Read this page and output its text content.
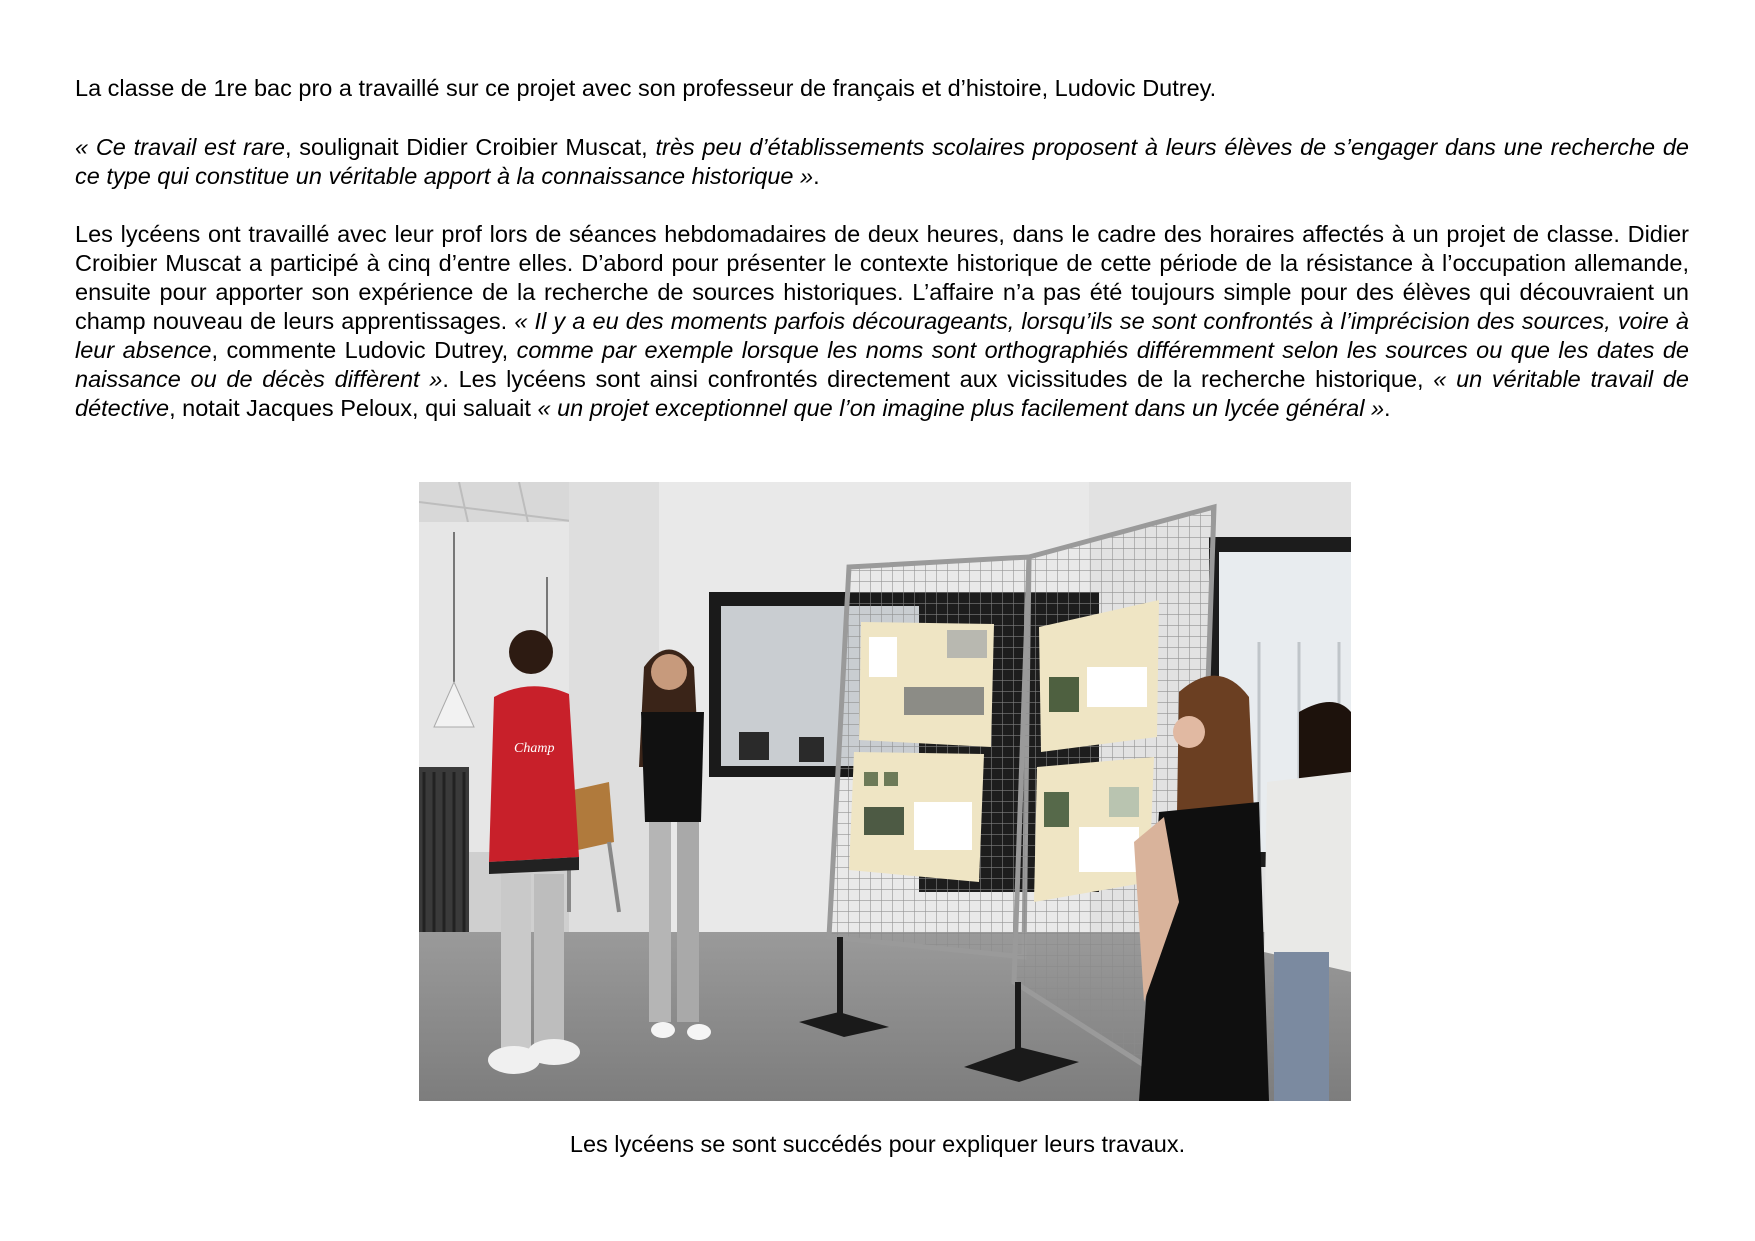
La classe de 1re bac pro a travaillé sur ce projet avec son professeur de français et d’histoire, Ludovic Dutrey.

« Ce travail est rare, soulignait Didier Croibier Muscat, très peu d’établissements scolaires proposent à leurs élèves de s’engager dans une recherche de ce type qui constitue un véritable apport à la connaissance historique ».

Les lycéens ont travaillé avec leur prof lors de séances hebdomadaires de deux heures, dans le cadre des horaires affectés à un projet de classe. Didier Croibier Muscat a participé à cinq d’entre elles. D’abord pour présenter le contexte historique de cette période de la résistance à l’occupation allemande, ensuite pour apporter son expérience de la recherche de sources historiques. L’affaire n’a pas été toujours simple pour des élèves qui découvraient un champ nouveau de leurs apprentissages. « Il y a eu des moments parfois décourageants, lorsqu’ils se sont confrontés à l’imprécision des sources, voire à leur absence, commente Ludovic Dutrey, comme par exemple lorsque les noms sont orthographiés différemment selon les sources ou que les dates de naissance ou de décès diffèrent ». Les lycéens sont ainsi confrontés directement aux vicissitudes de la recherche historique, « un véritable travail de détective, notait Jacques Peloux, qui saluait « un projet exceptionnel que l’on imagine plus facilement dans un lycée général ».

Champ
Les lycéens se sont succédés pour expliquer leurs travaux.
